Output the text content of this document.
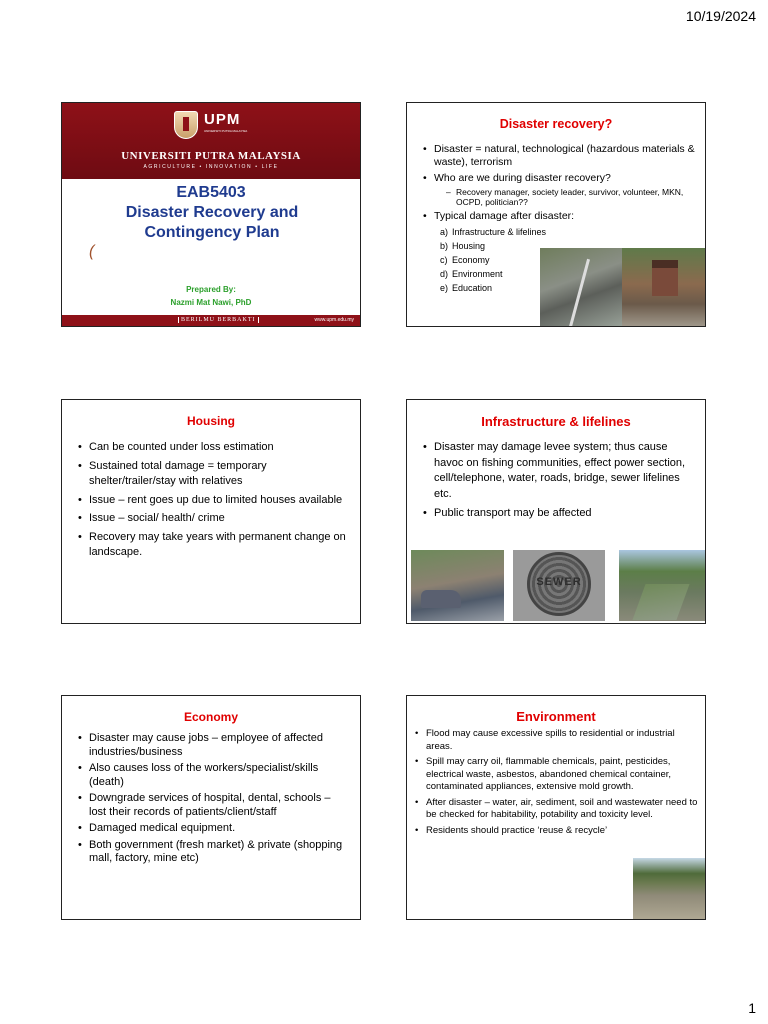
10/19/2024
UPM
UNIVERSITI PUTRA MALAYSIA
UNIVERSITI PUTRA MALAYSIA
AGRICULTURE • INNOVATION • LIFE
EAB5403
Disaster Recovery and Contingency Plan
(
Prepared By:
Nazmi Mat Nawi, PhD
BERILMU BERBAKTI	www.upm.edu.my
Disaster recovery?
• Disaster = natural, technological (hazardous materials & waste), terrorism
• Who are we during disaster recovery?
– Recovery manager, society leader, survivor, volunteer, MKN, OCPD, politician??
• Typical damage after disaster:
a) Infrastructure & lifelines
b) Housing
c) Economy
d) Environment
e) Education
Housing
• Can be counted under loss estimation
• Sustained total damage = temporary shelter/trailer/stay with relatives
• Issue – rent goes up due to limited houses available
• Issue – social/ health/ crime
• Recovery may take years with permanent change on landscape.
Infrastructure & lifelines
• Disaster may damage levee system; thus cause havoc on fishing communities, effect power section, cell/telephone, water, roads, bridge, sewer lifelines etc.
• Public transport may be affected
SEWER
Economy
• Disaster may cause jobs – employee of affected industries/business
• Also causes loss of the workers/specialist/skills (death)
• Downgrade services of hospital, dental, schools – lost their records of patients/client/staff
• Damaged medical equipment.
• Both government (fresh market) & private (shopping mall, factory, mine etc)
Environment
• Flood may cause excessive spills to residential or industrial areas.
• Spill may carry oil, flammable chemicals, paint, pesticides, electrical waste, asbestos, abandoned chemical container, contaminated appliances, extensive mold growth.
• After disaster – water, air, sediment, soil and wastewater need to be checked for habitability, potability and toxicity level.
• Residents should practice ‘reuse & recycle’
1
